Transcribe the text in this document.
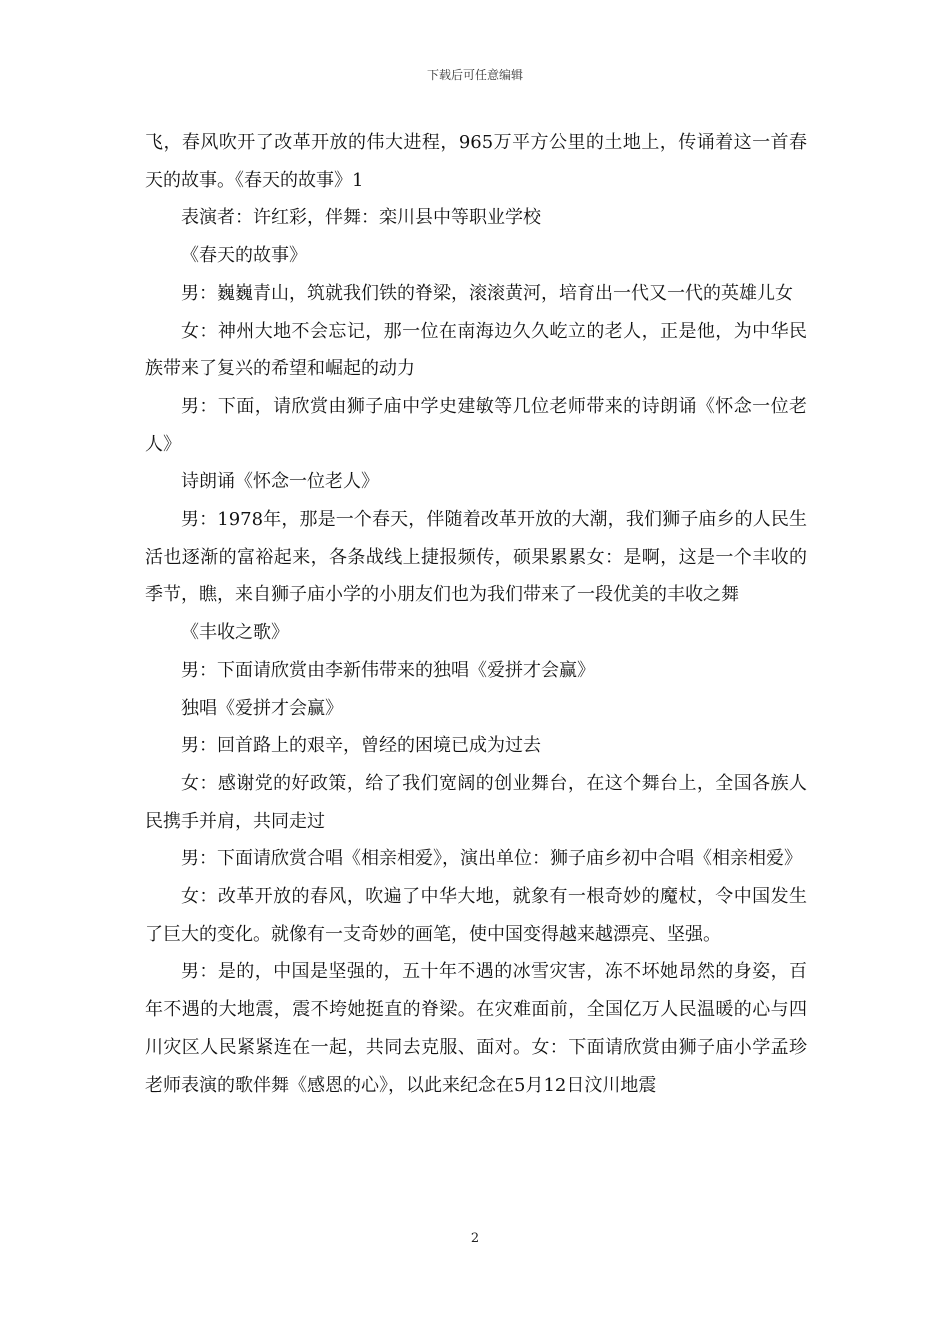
下载后可任意编辑

飞，春风吹开了改革开放的伟大进程，965万平方公里的土地上，传诵着这一首春天的故事。《春天的故事》1

表演者：许红彩，伴舞：栾川县中等职业学校

《春天的故事》

男：巍巍青山，筑就我们铁的脊梁，滚滚黄河，培育出一代又一代的英雄儿女

女：神州大地不会忘记，那一位在南海边久久屹立的老人，正是他，为中华民族带来了复兴的希望和崛起的动力

男：下面，请欣赏由狮子庙中学史建敏等几位老师带来的诗朗诵《怀念一位老人》

诗朗诵《怀念一位老人》

男：1978年，那是一个春天，伴随着改革开放的大潮，我们狮子庙乡的人民生活也逐渐的富裕起来，各条战线上捷报频传，硕果累累女：是啊，这是一个丰收的季节，瞧，来自狮子庙小学的小朋友们也为我们带来了一段优美的丰收之舞

《丰收之歌》

男：下面请欣赏由李新伟带来的独唱《爱拼才会赢》

独唱《爱拼才会赢》

男：回首路上的艰辛，曾经的困境已成为过去

女：感谢党的好政策，给了我们宽阔的创业舞台，在这个舞台上，全国各族人民携手并肩，共同走过

男：下面请欣赏合唱《相亲相爱》，演出单位：狮子庙乡初中合唱《相亲相爱》

女：改革开放的春风，吹遍了中华大地，就象有一根奇妙的魔杖，令中国发生了巨大的变化。就像有一支奇妙的画笔，使中国变得越来越漂亮、坚强。

男：是的，中国是坚强的，五十年不遇的冰雪灾害，冻不坏她昂然的身姿，百年不遇的大地震，震不垮她挺直的脊梁。在灾难面前，全国亿万人民温暖的心与四川灾区人民紧紧连在一起，共同去克服、面对。女：下面请欣赏由狮子庙小学孟珍老师表演的歌伴舞《感恩的心》，以此来纪念在5月12日汶川地震

2
